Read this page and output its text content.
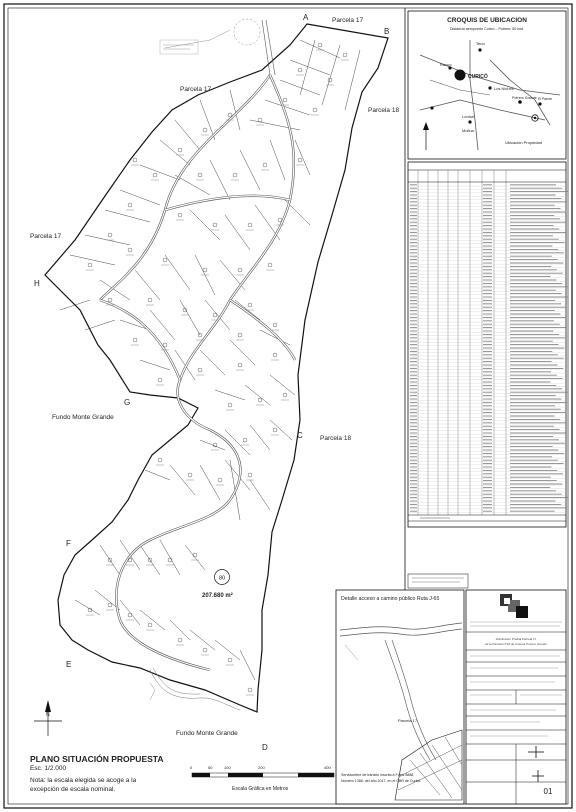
CROQUIS DE UBICACION
Distancia aeropuerto Curicó – Potrero: 50 kmt.
Rauco
Teno
CURICÓ
Los Niches
Potrero Grande El Parrón
Lontué
Molina
Ubicación Propiedad
A
B
C
D
E
F
G
H
Parcela 17
Parcela 17
Parcela 17
Parcela 18
Parcela 18
Fundo Monte Grande
Fundo Monte Grande
80
207.680 m²
N
PLANO SITUACIÓN PROPUESTA
Esc. 1/2.000
Nota: la escala elegida se acoge a la
excepción de escala nominal.
0	50	100	200	400
Escala Gráfica en Metros
Detalle acceso a camino público Ruta J-65
Parcela 17
Servidumbre de tránsito inscrita a Fojas 8888,
Número 1388, del año 2017, en el CBR de Curicó.
Subdivisión Predial Parcela 17
de la Parcela N°18 de Colonia Potrero Grande
01
